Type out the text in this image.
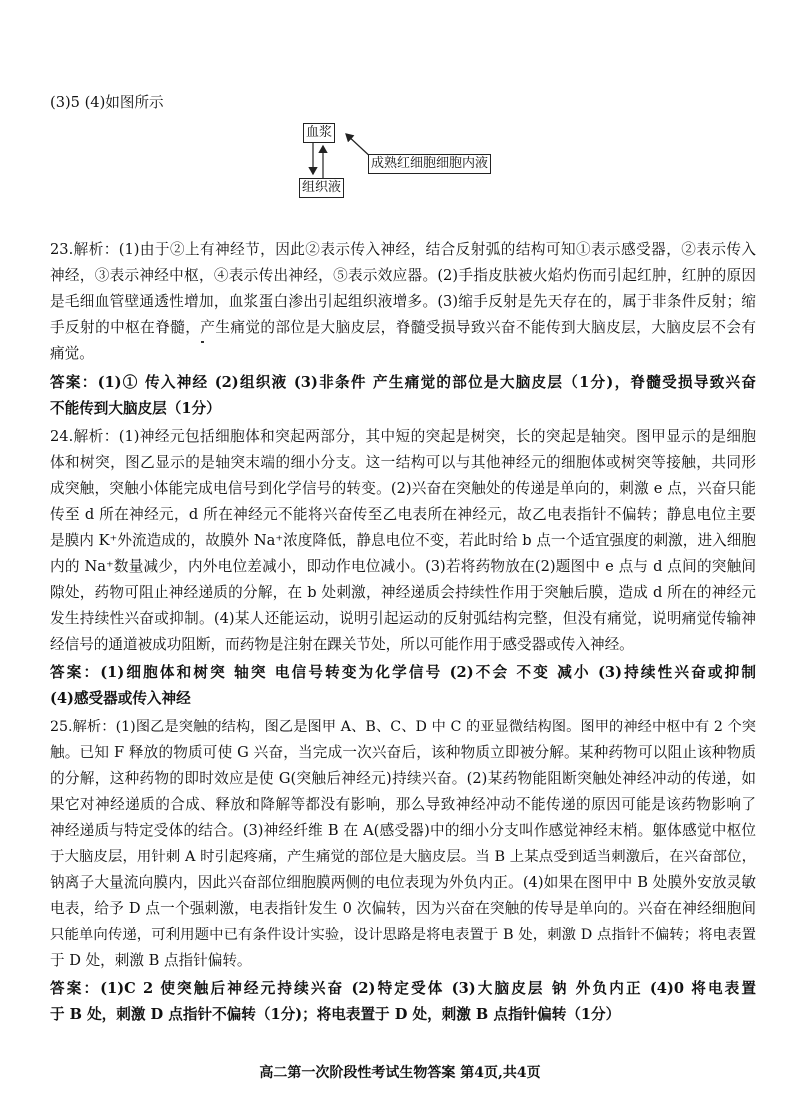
(3)5 (4)如图所示
血浆
组织液
成熟红细胞细胞内液
23.解析：(1)由于②上有神经节，因此②表示传入神经，结合反射弧的结构可知①表示感受器，②表示传入
神经，③表示神经中枢，④表示传出神经，⑤表示效应器。(2)手指皮肤被火焰灼伤而引起红肿，红肿的原因
是毛细血管壁通透性增加，血浆蛋白渗出引起组织液增多。(3)缩手反射是先天存在的，属于非条件反射；缩
手反射的中枢在脊髓，产生痛觉的部位是大脑皮层，脊髓受损导致兴奋不能传到大脑皮层，大脑皮层不会有
痛觉。
答案：(1)① 传入神经 (2)组织液 (3)非条件 产生痛觉的部位是大脑皮层（1分)，脊髓受损导致兴奋
不能传到大脑皮层（1分）
24.解析：(1)神经元包括细胞体和突起两部分，其中短的突起是树突，长的突起是轴突。图甲显示的是细胞
体和树突，图乙显示的是轴突末端的细小分支。这一结构可以与其他神经元的细胞体或树突等接触，共同形
成突触，突触小体能完成电信号到化学信号的转变。(2)兴奋在突触处的传递是单向的，刺激 e 点，兴奋只能
传至 d 所在神经元，d 所在神经元不能将兴奋传至乙电表所在神经元，故乙电表指针不偏转；静息电位主要
是膜内 K⁺外流造成的，故膜外 Na⁺浓度降低，静息电位不变，若此时给 b 点一个适宜强度的刺激，进入细胞
内的 Na⁺数量减少，内外电位差减小，即动作电位减小。(3)若将药物放在(2)题图中 e 点与 d 点间的突触间
隙处，药物可阻止神经递质的分解，在 b 处刺激，神经递质会持续性作用于突触后膜，造成 d 所在的神经元
发生持续性兴奋或抑制。(4)某人还能运动，说明引起运动的反射弧结构完整，但没有痛觉，说明痛觉传输神
经信号的通道被成功阻断，而药物是注射在踝关节处，所以可能作用于感受器或传入神经。
答案：(1)细胞体和树突 轴突 电信号转变为化学信号 (2)不会 不变 减小 (3)持续性兴奋或抑制
(4)感受器或传入神经
25.解析：(1)图乙是突触的结构，图乙是图甲 A、B、C、D 中 C 的亚显微结构图。图甲的神经中枢中有 2 个突
触。已知 F 释放的物质可使 G 兴奋，当完成一次兴奋后，该种物质立即被分解。某种药物可以阻止该种物质
的分解，这种药物的即时效应是使 G(突触后神经元)持续兴奋。(2)某药物能阻断突触处神经冲动的传递，如
果它对神经递质的合成、释放和降解等都没有影响，那么导致神经冲动不能传递的原因可能是该药物影响了
神经递质与特定受体的结合。(3)神经纤维 B 在 A(感受器)中的细小分支叫作感觉神经末梢。躯体感觉中枢位
于大脑皮层，用针刺 A 时引起疼痛，产生痛觉的部位是大脑皮层。当 B 上某点受到适当刺激后，在兴奋部位，
钠离子大量流向膜内，因此兴奋部位细胞膜两侧的电位表现为外负内正。(4)如果在图甲中 B 处膜外安放灵敏
电表，给予 D 点一个强刺激，电表指针发生 0 次偏转，因为兴奋在突触的传导是单向的。兴奋在神经细胞间
只能单向传递，可利用题中已有条件设计实验，设计思路是将电表置于 B 处，刺激 D 点指针不偏转；将电表置
于 D 处，刺激 B 点指针偏转。
答案：(1)C 2 使突触后神经元持续兴奋 (2)特定受体 (3)大脑皮层 钠 外负内正 (4)0 将电表置
于 B 处，刺激 D 点指针不偏转（1分)；将电表置于 D 处，刺激 B 点指针偏转（1分）
高二第一次阶段性考试生物答案 第4页,共4页
